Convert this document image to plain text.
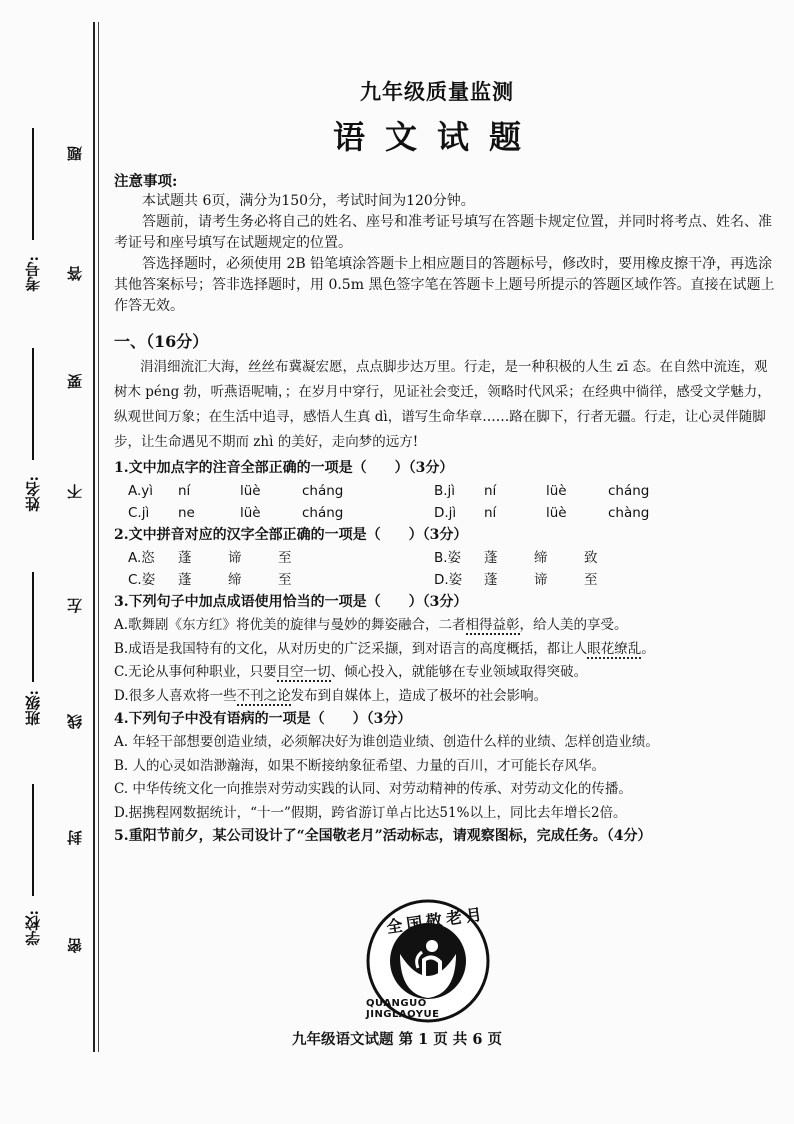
考号:
姓名:
班级:
学校:
题
答
要
不
左
线
封
密
九年级质量监测
语文试题
注意事项:
本试题共 6页，满分为150分，考试时间为120分钟。
答题前，请考生务必将自己的姓名、座号和准考证号填写在答题卡规定位置，并同时将考点、姓名、准考证号和座号填写在试题规定的位置。
答选择题时，必须使用 2B 铅笔填涂答题卡上相应题目的答题标号，修改时，要用橡皮擦干净，再选涂其他答案标号；答非选择题时，用 0.5m 黑色签字笔在答题卡上题号所提示的答题区域作答。直接在试题上作答无效。
一、（16分）
涓涓细流汇大海，丝丝布冀凝宏愿，点点脚步达万里。行走，是一种积极的人生 zī 态。在自然中流连，观树木 péng 勃，听燕语呢喃，；在岁月中穿行，见证社会变迁，领略时代风采；在经典中徜徉，感受文学魅力，纵观世间万象；在生活中追寻，感悟人生真 dì，谱写生命华章……路在脚下，行者无疆。行走，让心灵伴随脚步，让生命遇见不期而 zhì 的美好，走向梦的远方!
1.文中加点字的注音全部正确的一项是（　　）（3分）
A.yì ní	lüè	cháng	B.jì ní	lüè	cháng
C.jì ne	lüè	cháng	D.jì ní	lüè	chàng
2.文中拼音对应的汉字全部正确的一项是（　　）（3分）
A.恣 蓬	谛	至	B.姿 蓬	缔	致
C.姿 蓬	缔	至	D.姿 蓬	谛	至
3.下列句子中加点成语使用恰当的一项是（　　）（3分）
A.歌舞剧《东方红》将优美的旋律与曼妙的舞姿融合，二者相得益彰，给人美的享受。
B.成语是我国特有的文化，从对历史的广泛采撷，到对语言的高度概括，都让人眼花缭乱。
C.无论从事何种职业，只要目空一切、倾心投入，就能够在专业领域取得突破。
D.很多人喜欢将一些不刊之论发布到自媒体上，造成了极坏的社会影响。
4.下列句子中没有语病的一项是（　　）（3分）
A. 年轻干部想要创造业绩，必须解决好为谁创造业绩、创造什么样的业绩、怎样创造业绩。
B. 人的心灵如浩渺瀚海，如果不断接纳象征希望、力量的百川，才可能长存风华。
C. 中华传统文化一向推崇对劳动实践的认同、对劳动精神的传承、对劳动文化的传播。
D.据携程网数据统计，“十一”假期，跨省游订单占比达51%以上，同比去年增长2倍。
5.重阳节前夕，某公司设计了“全国敬老月”活动标志，请观察图标，完成任务。（4分）
全国敬老月
QUANGUO JINGLAOYUE
九年级语文试题 第 1 页 共 6 页
